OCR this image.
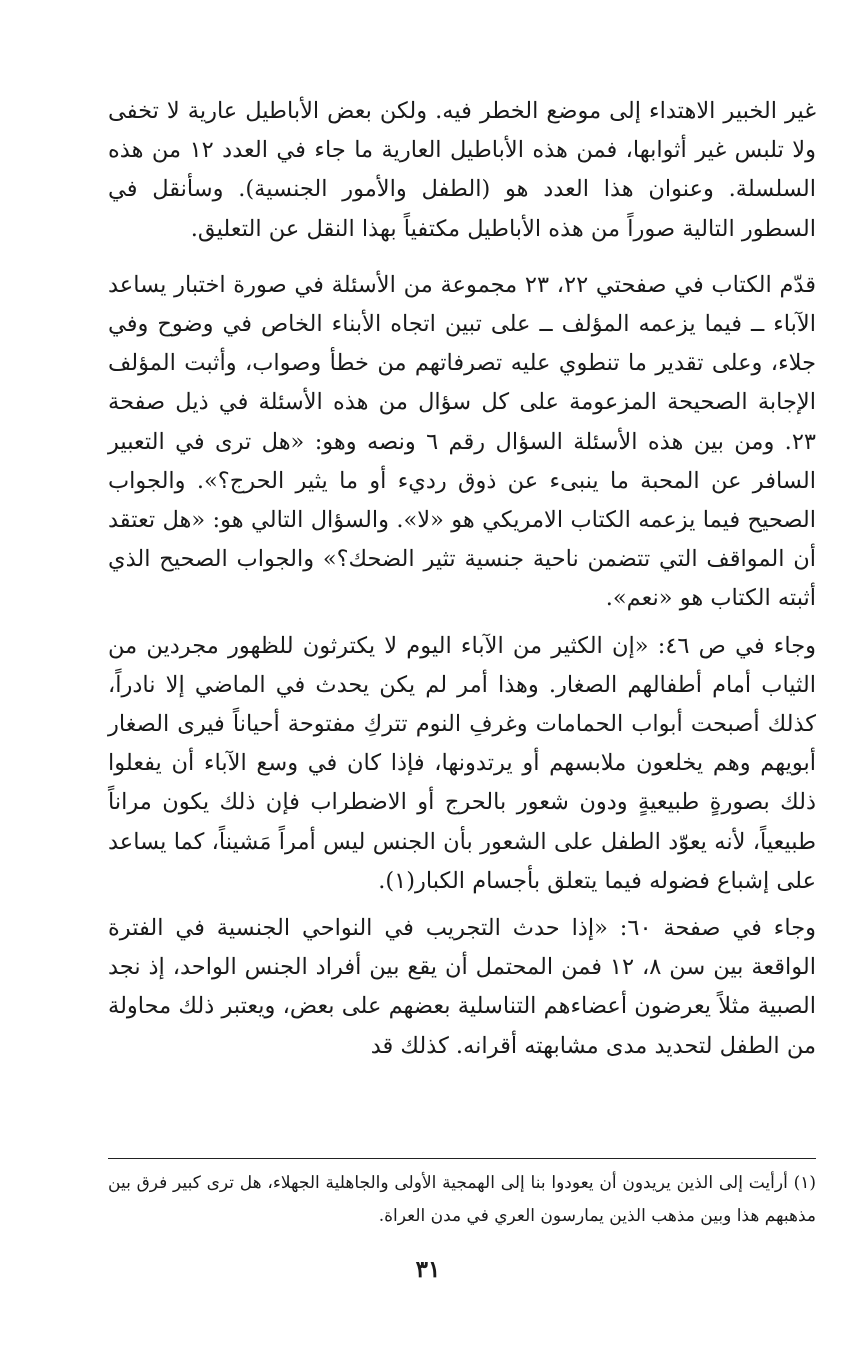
غير الخبير الاهتداء إلى موضع الخطر فيه. ولكن بعض الأباطيل عارية لا تخفى ولا تلبس غير أثوابها، فمن هذه الأباطيل العارية ما جاء في العدد ١٢ من هذه السلسلة. وعنوان هذا العدد هو (الطفل والأمور الجنسية). وسأنقل في السطور التالية صوراً من هذه الأباطيل مكتفياً بهذا النقل عن التعليق.

قدّم الكتاب في صفحتي ٢٢، ٢٣ مجموعة من الأسئلة في صورة اختبار يساعد الآباء ــ فيما يزعمه المؤلف ــ على تبين اتجاه الأبناء الخاص في وضوح وفي جلاء، وعلى تقدير ما تنطوي عليه تصرفاتهم من خطأ وصواب، وأثبت المؤلف الإجابة الصحيحة المزعومة على كل سؤال من هذه الأسئلة في ذيل صفحة ٢٣. ومن بين هذه الأسئلة السؤال رقم ٦ ونصه وهو: «هل ترى في التعبير السافر عن المحبة ما ينبىء عن ذوق رديء أو ما يثير الحرج؟». والجواب الصحيح فيما يزعمه الكتاب الامريكي هو «لا». والسؤال التالي هو: «هل تعتقد أن المواقف التي تتضمن ناحية جنسية تثير الضحك؟» والجواب الصحيح الذي أثبته الكتاب هو «نعم».

وجاء في ص ٤٦: «إن الكثير من الآباء اليوم لا يكترثون للظهور مجردين من الثياب أمام أطفالهم الصغار. وهذا أمر لم يكن يحدث في الماضي إلا نادراً، كذلك أصبحت أبواب الحمامات وغرفِ النوم تتركِ مفتوحة أحياناً فيرى الصغار أبويهم وهم يخلعون ملابسهم أو يرتدونها، فإذا كان في وسع الآباء أن يفعلوا ذلك بصورةٍ طبيعيةٍ ودون شعور بالحرج أو الاضطراب فإن ذلك يكون مراناً طبيعياً، لأنه يعوّد الطفل على الشعور بأن الجنس ليس أمراً مَشيناً، كما يساعد على إشباع فضوله فيما يتعلق بأجسام الكبار(١).

وجاء في صفحة ٦٠: «إذا حدث التجريب في النواحي الجنسية في الفترة الواقعة بين سن ٨، ١٢ فمن المحتمل أن يقع بين أفراد الجنس الواحد، إذ نجد الصبية مثلاً يعرضون أعضاءهم التناسلية بعضهم على بعض، ويعتبر ذلك محاولة من الطفل لتحديد مدى مشابهته أقرانه. كذلك قد

(١) أرأيت إلى الذين يريدون أن يعودوا بنا إلى الهمجية الأولى والجاهلية الجهلاء، هل ترى كبير فرق بين مذهبهم هذا وبين مذهب الذين يمارسون العري في مدن العراة.

٣١
